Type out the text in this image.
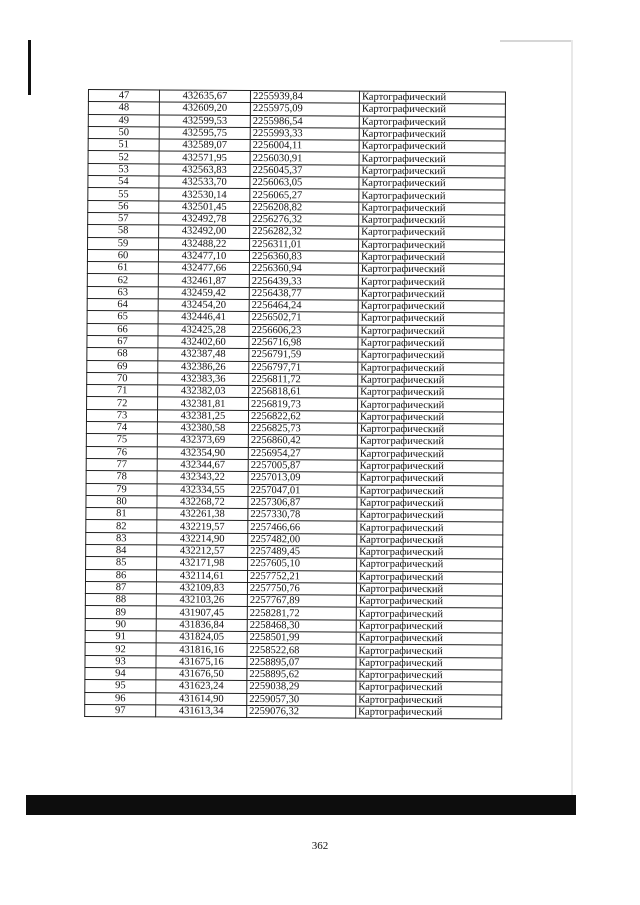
47	432635,67	2255939,84	Картографический
48	432609,20	2255975,09	Картографический
49	432599,53	2255986,54	Картографический
50	432595,75	2255993,33	Картографический
51	432589,07	2256004,11	Картографический
52	432571,95	2256030,91	Картографический
53	432563,83	2256045,37	Картографический
54	432533,70	2256063,05	Картографический
55	432530,14	2256065,27	Картографический
56	432501,45	2256208,82	Картографический
57	432492,78	2256276,32	Картографический
58	432492,00	2256282,32	Картографический
59	432488,22	2256311,01	Картографический
60	432477,10	2256360,83	Картографический
61	432477,66	2256360,94	Картографический
62	432461,87	2256439,33	Картографический
63	432459,42	2256438,77	Картографический
64	432454,20	2256464,24	Картографический
65	432446,41	2256502,71	Картографический
66	432425,28	2256606,23	Картографический
67	432402,60	2256716,98	Картографический
68	432387,48	2256791,59	Картографический
69	432386,26	2256797,71	Картографический
70	432383,36	2256811,72	Картографический
71	432382,03	2256818,61	Картографический
72	432381,81	2256819,73	Картографический
73	432381,25	2256822,62	Картографический
74	432380,58	2256825,73	Картографический
75	432373,69	2256860,42	Картографический
76	432354,90	2256954,27	Картографический
77	432344,67	2257005,87	Картографический
78	432343,22	2257013,09	Картографический
79	432334,55	2257047,01	Картографический
80	432268,72	2257306,87	Картографический
81	432261,38	2257330,78	Картографический
82	432219,57	2257466,66	Картографический
83	432214,90	2257482,00	Картографический
84	432212,57	2257489,45	Картографический
85	432171,98	2257605,10	Картографический
86	432114,61	2257752,21	Картографический
87	432109,83	2257750,76	Картографический
88	432103,26	2257767,89	Картографический
89	431907,45	2258281,72	Картографический
90	431836,84	2258468,30	Картографический
91	431824,05	2258501,99	Картографический
92	431816,16	2258522,68	Картографический
93	431675,16	2258895,07	Картографический
94	431676,50	2258895,62	Картографический
95	431623,24	2259038,29	Картографический
96	431614,90	2259057,30	Картографический
97	431613,34	2259076,32	Картографический
362
